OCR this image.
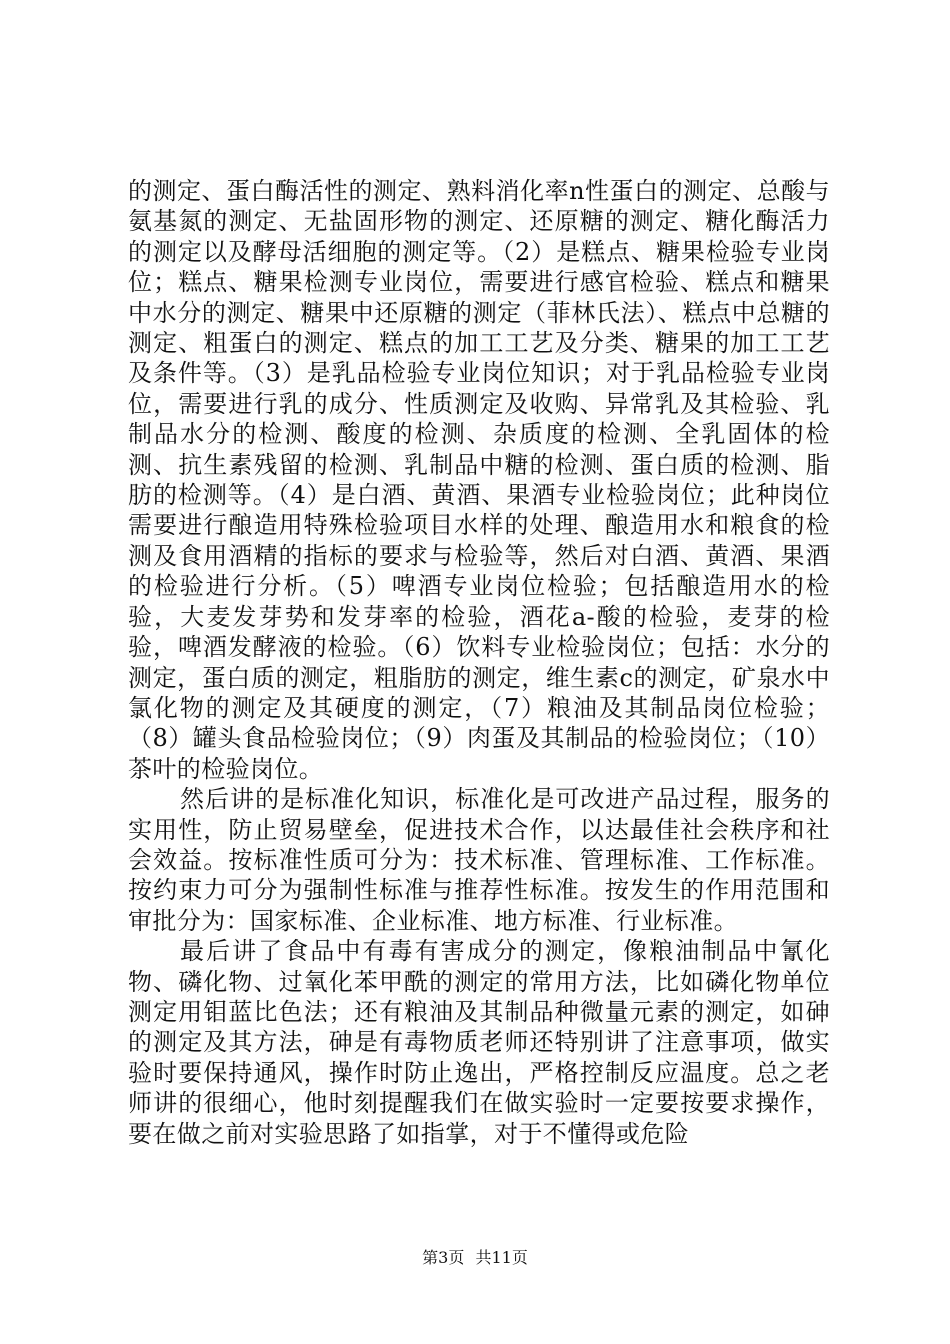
的测定、蛋白酶活性的测定、熟料消化率n性蛋白的测定、总酸与氨基氮的测定、无盐固形物的测定、还原糖的测定、糖化酶活力的测定以及酵母活细胞的测定等。（2）是糕点、糖果检验专业岗位；糕点、糖果检测专业岗位，需要进行感官检验、糕点和糖果中水分的测定、糖果中还原糖的测定（菲林氏法）、糕点中总糖的测定、粗蛋白的测定、糕点的加工工艺及分类、糖果的加工工艺及条件等。（3）是乳品检验专业岗位知识；对于乳品检验专业岗位，需要进行乳的成分、性质测定及收购、异常乳及其检验、乳制品水分的检测、酸度的检测、杂质度的检测、全乳固体的检测、抗生素残留的检测、乳制品中糖的检测、蛋白质的检测、脂肪的检测等。（4）是白酒、黄酒、果酒专业检验岗位；此种岗位需要进行酿造用特殊检验项目水样的处理、酿造用水和粮食的检测及食用酒精的指标的要求与检验等，然后对白酒、黄酒、果酒的检验进行分析。（5）啤酒专业岗位检验；包括酿造用水的检验，大麦发芽势和发芽率的检验，酒花a-酸的检验，麦芽的检验，啤酒发酵液的检验。（6）饮料专业检验岗位；包括：水分的测定，蛋白质的测定，粗脂肪的测定，维生素c的测定，矿泉水中氯化物的测定及其硬度的测定，（7）粮油及其制品岗位检验；（8）罐头食品检验岗位；（9）肉蛋及其制品的检验岗位；（10）茶叶的检验岗位。

然后讲的是标准化知识，标准化是可改进产品过程，服务的实用性，防止贸易壁垒，促进技术合作，以达最佳社会秩序和社会效益。按标准性质可分为：技术标准、管理标准、工作标准。按约束力可分为强制性标准与推荐性标准。按发生的作用范围和审批分为：国家标准、企业标准、地方标准、行业标准。

最后讲了食品中有毒有害成分的测定，像粮油制品中氰化物、磷化物、过氧化苯甲酰的测定的常用方法，比如磷化物单位测定用钼蓝比色法；还有粮油及其制品种微量元素的测定，如砷的测定及其方法，砷是有毒物质老师还特别讲了注意事项，做实验时要保持通风，操作时防止逸出，严格控制反应温度。总之老师讲的很细心，他时刻提醒我们在做实验时一定要按要求操作，要在做之前对实验思路了如指掌，对于不懂得或危险

第3页 共11页
